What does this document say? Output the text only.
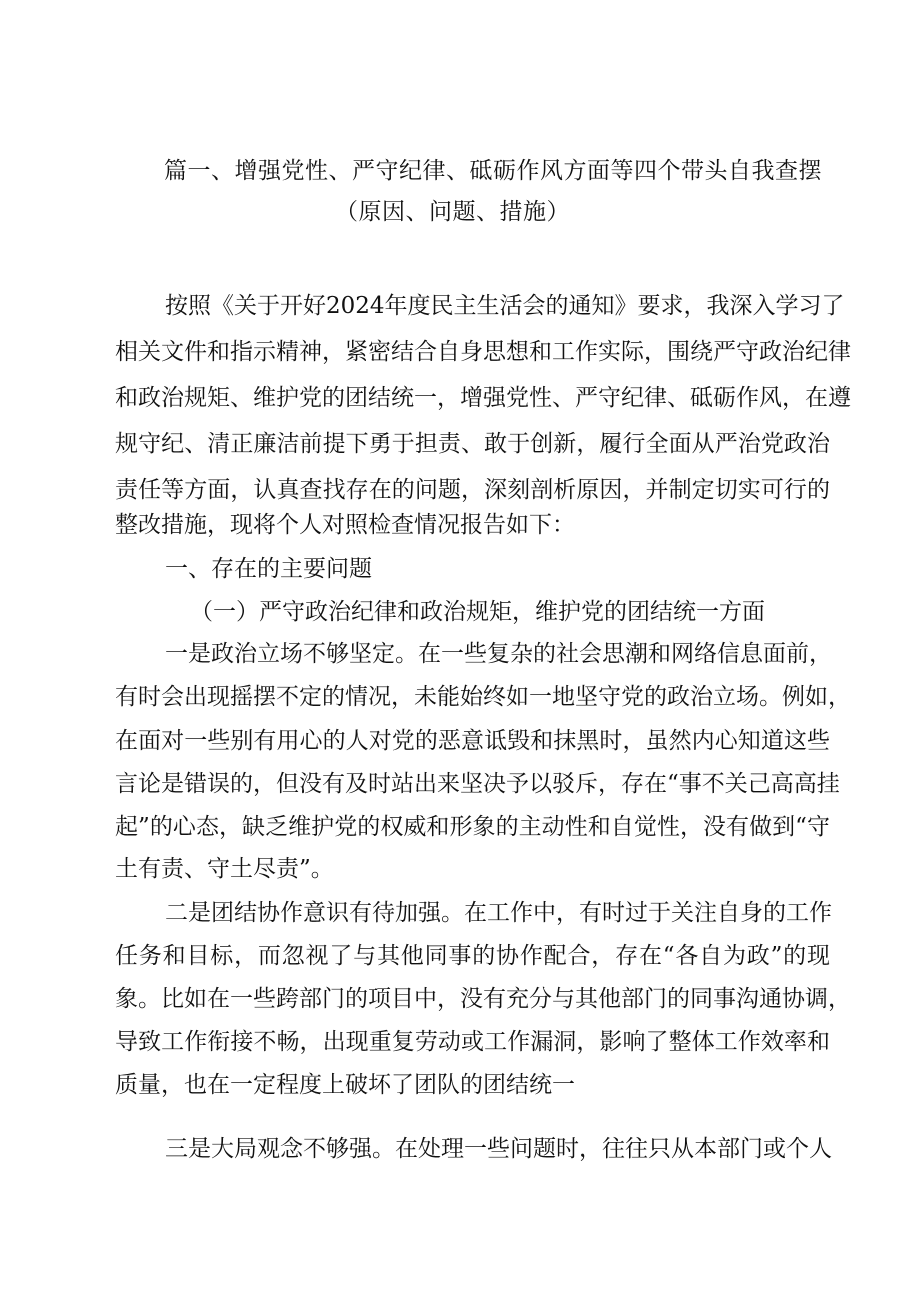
篇一、增强党性、严守纪律、砥砺作风方面等四个带头自我查摆
（原因、问题、措施）
按照《关于开好2024年度民主生活会的通知》要求，我深入学习了
相关文件和指示精神，紧密结合自身思想和工作实际，围绕严守政治纪律
和政治规矩、维护党的团结统一，增强党性、严守纪律、砥砺作风，在遵
规守纪、清正廉洁前提下勇于担责、敢于创新，履行全面从严治党政治
责任等方面，认真查找存在的问题，深刻剖析原因，并制定切实可行的
整改措施，现将个人对照检查情况报告如下：
一、存在的主要问题
（一）严守政治纪律和政治规矩，维护党的团结统一方面
一是政治立场不够坚定。在一些复杂的社会思潮和网络信息面前，
有时会出现摇摆不定的情况，未能始终如一地坚守党的政治立场。例如，
在面对一些别有用心的人对党的恶意诋毁和抹黑时，虽然内心知道这些
言论是错误的，但没有及时站出来坚决予以驳斥，存在“事不关己高高挂
起”的心态，缺乏维护党的权威和形象的主动性和自觉性，没有做到“守
土有责、守土尽责”。
二是团结协作意识有待加强。在工作中，有时过于关注自身的工作
任务和目标，而忽视了与其他同事的协作配合，存在“各自为政”的现
象。比如在一些跨部门的项目中，没有充分与其他部门的同事沟通协调，
导致工作衔接不畅，出现重复劳动或工作漏洞，影响了整体工作效率和
质量，也在一定程度上破坏了团队的团结统一
三是大局观念不够强。在处理一些问题时，往往只从本部门或个人
